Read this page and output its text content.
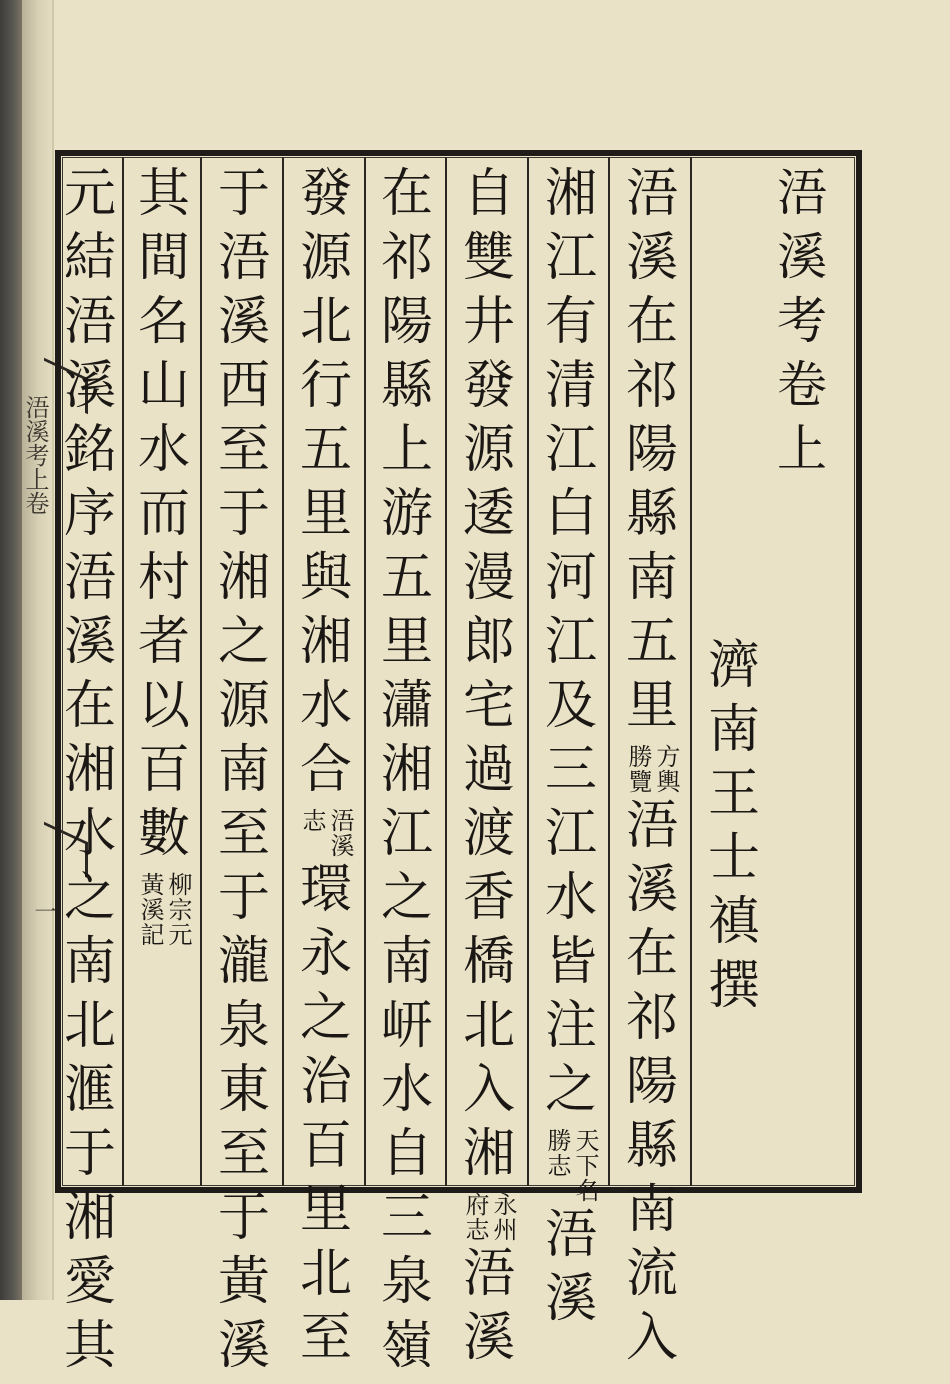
浯溪考上卷
一
浯
溪
考
卷
上
濟
南
王
士
禛
撰
浯
溪
在
祁
陽
縣
南
五
里
方輿
勝覽
浯
溪
在
祁
陽
縣
南
流
入
湘
江
有
清
江
白
河
江
及
三
江
水
皆
注
之
天下名
勝志
浯
溪
自
雙
井
發
源
逶
漫
郎
宅
過
渡
香
橋
北
入
湘
永州
府志
浯
溪
在
祁
陽
縣
上
游
五
里
瀟
湘
江
之
南
岍
水
自
三
泉
嶺
發
源
北
行
五
里
與
湘
水
合
浯溪
志
環
永
之
治
百
里
北
至
于
浯
溪
西
至
于
湘
之
源
南
至
于
瀧
泉
東
至
于
黃
溪
其
間
名
山
水
而
村
者
以
百
數
柳宗元
黃溪記
元
結
浯
溪
銘
序
浯
溪
在
湘
水
之
南
北
滙
于
湘
愛
其
